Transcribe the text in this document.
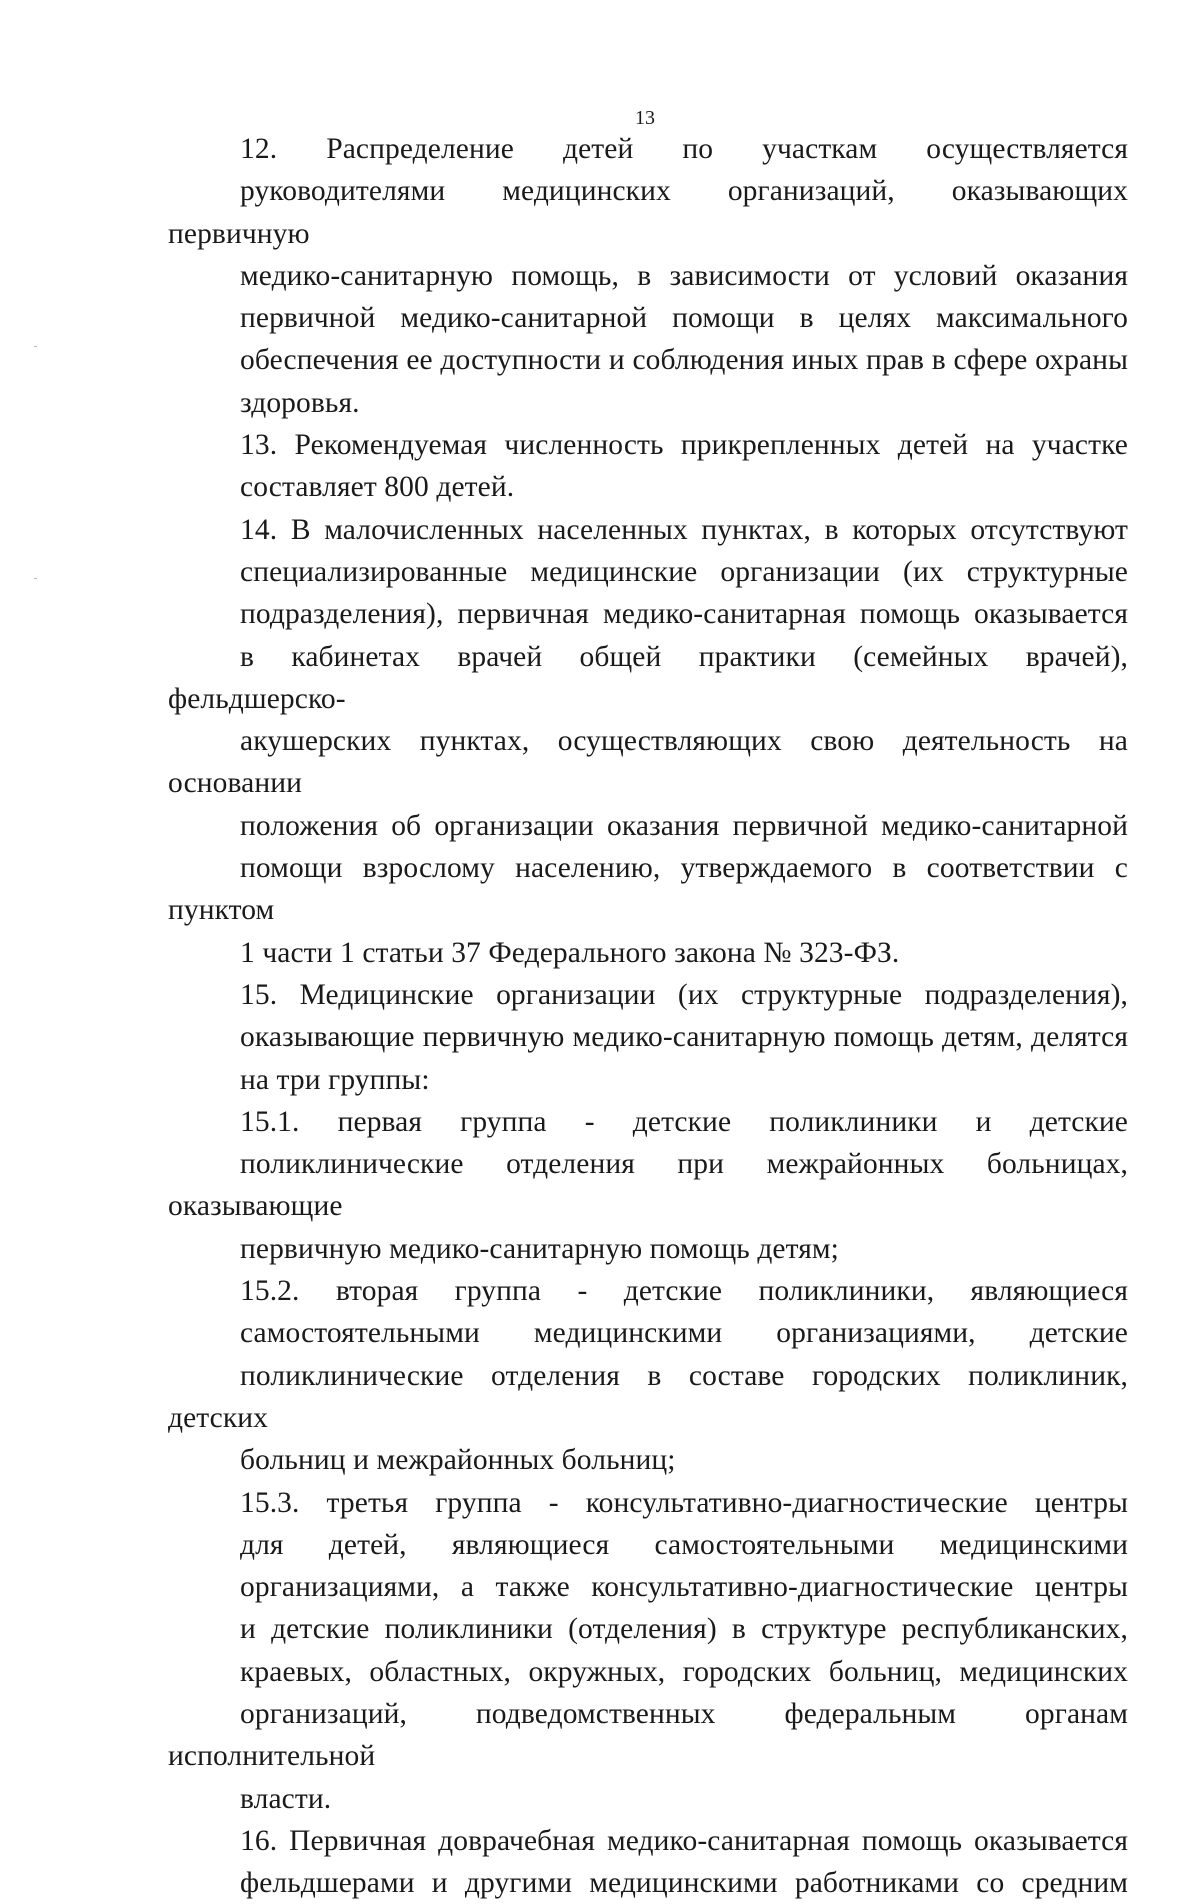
13
12. Распределение детей по участкам осуществляется
руководителями медицинских организаций, оказывающих первичную
медико-санитарную помощь, в зависимости от условий оказания
первичной медико-санитарной помощи в целях максимального
обеспечения ее доступности и соблюдения иных прав в сфере охраны
здоровья.
13. Рекомендуемая численность прикрепленных детей на участке
составляет 800 детей.
14. В малочисленных населенных пунктах, в которых отсутствуют
специализированные медицинские организации (их структурные
подразделения), первичная медико-санитарная помощь оказывается
в кабинетах врачей общей практики (семейных врачей), фельдшерско-
акушерских пунктах, осуществляющих свою деятельность на основании
положения об организации оказания первичной медико-санитарной
помощи взрослому населению, утверждаемого в соответствии с пунктом
1 части 1 статьи 37 Федерального закона № 323-ФЗ.
15. Медицинские организации (их структурные подразделения),
оказывающие первичную медико-санитарную помощь детям, делятся
на три группы:
15.1. первая группа - детские поликлиники и детские
поликлинические отделения при межрайонных больницах, оказывающие
первичную медико-санитарную помощь детям;
15.2. вторая группа - детские поликлиники, являющиеся
самостоятельными медицинскими организациями, детские
поликлинические отделения в составе городских поликлиник, детских
больниц и межрайонных больниц;
15.3. третья группа - консультативно-диагностические центры
для детей, являющиеся самостоятельными медицинскими
организациями, а также консультативно-диагностические центры
и детские поликлиники (отделения) в структуре республиканских,
краевых, областных, окружных, городских больниц, медицинских
организаций, подведомственных федеральным органам исполнительной
власти.
16. Первичная доврачебная медико-санитарная помощь оказывается
фельдшерами и другими медицинскими работниками со средним
